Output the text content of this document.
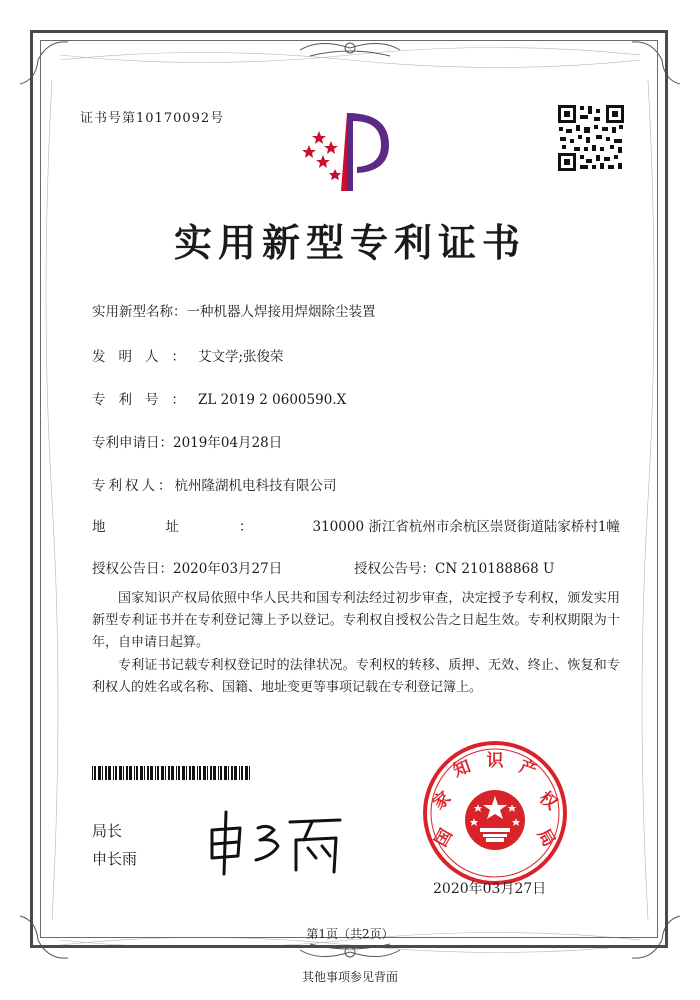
证书号第10170092号
实用新型专利证书
实用新型名称：一种机器人焊接用焊烟除尘装置
发明人：艾文学;张俊荣
专利号：ZL 2019 2 0600590.X
专利申请日：2019年04月28日
专利权人：杭州隆湖机电科技有限公司
地址：310000 浙江省杭州市余杭区崇贤街道陆家桥村1幢
授权公告日：2020年03月27日	授权公告号：CN 210188868 U
国家知识产权局依照中华人民共和国专利法经过初步审查，决定授予专利权，颁发实用新型专利证书并在专利登记簿上予以登记。专利权自授权公告之日起生效。专利权期限为十年，自申请日起算。
专利证书记载专利权登记时的法律状况。专利权的转移、质押、无效、终止、恢复和专利权人的姓名或名称、国籍、地址变更等事项记载在专利登记簿上。
局长
申长雨
国
家
知 识 产
权
局
2020年03月27日
第1页（共2页）
其他事项参见背面
